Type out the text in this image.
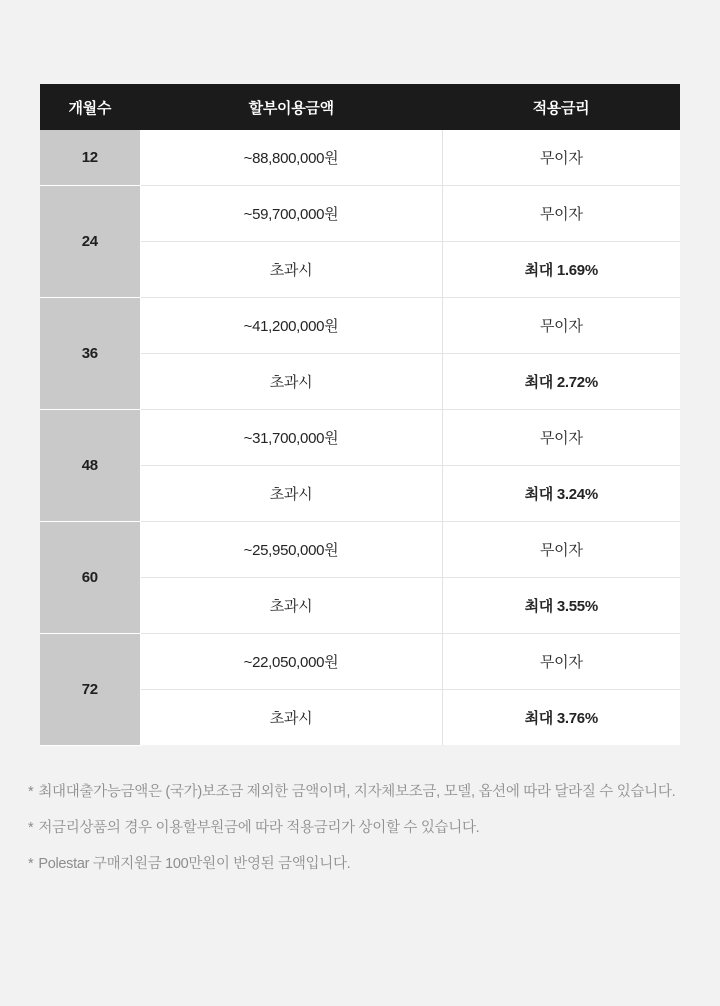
개월수	할부이용금액	적용금리
12	~88,800,000원	무이자
24	~59,700,000원	무이자
	초과시	최대 1.69%
36	~41,200,000원	무이자
	초과시	최대 2.72%
48	~31,700,000원	무이자
	초과시	최대 3.24%
60	~25,950,000원	무이자
	초과시	최대 3.55%
72	~22,050,000원	무이자
	초과시	최대 3.76%
* 최대대출가능금액은 (국가)보조금 제외한 금액이며, 지자체보조금, 모델, 옵션에 따라 달라질 수 있습니다.
* 저금리상품의 경우 이용할부원금에 따라 적용금리가 상이할 수 있습니다.
* Polestar 구매지원금 100만원이 반영된 금액입니다.
